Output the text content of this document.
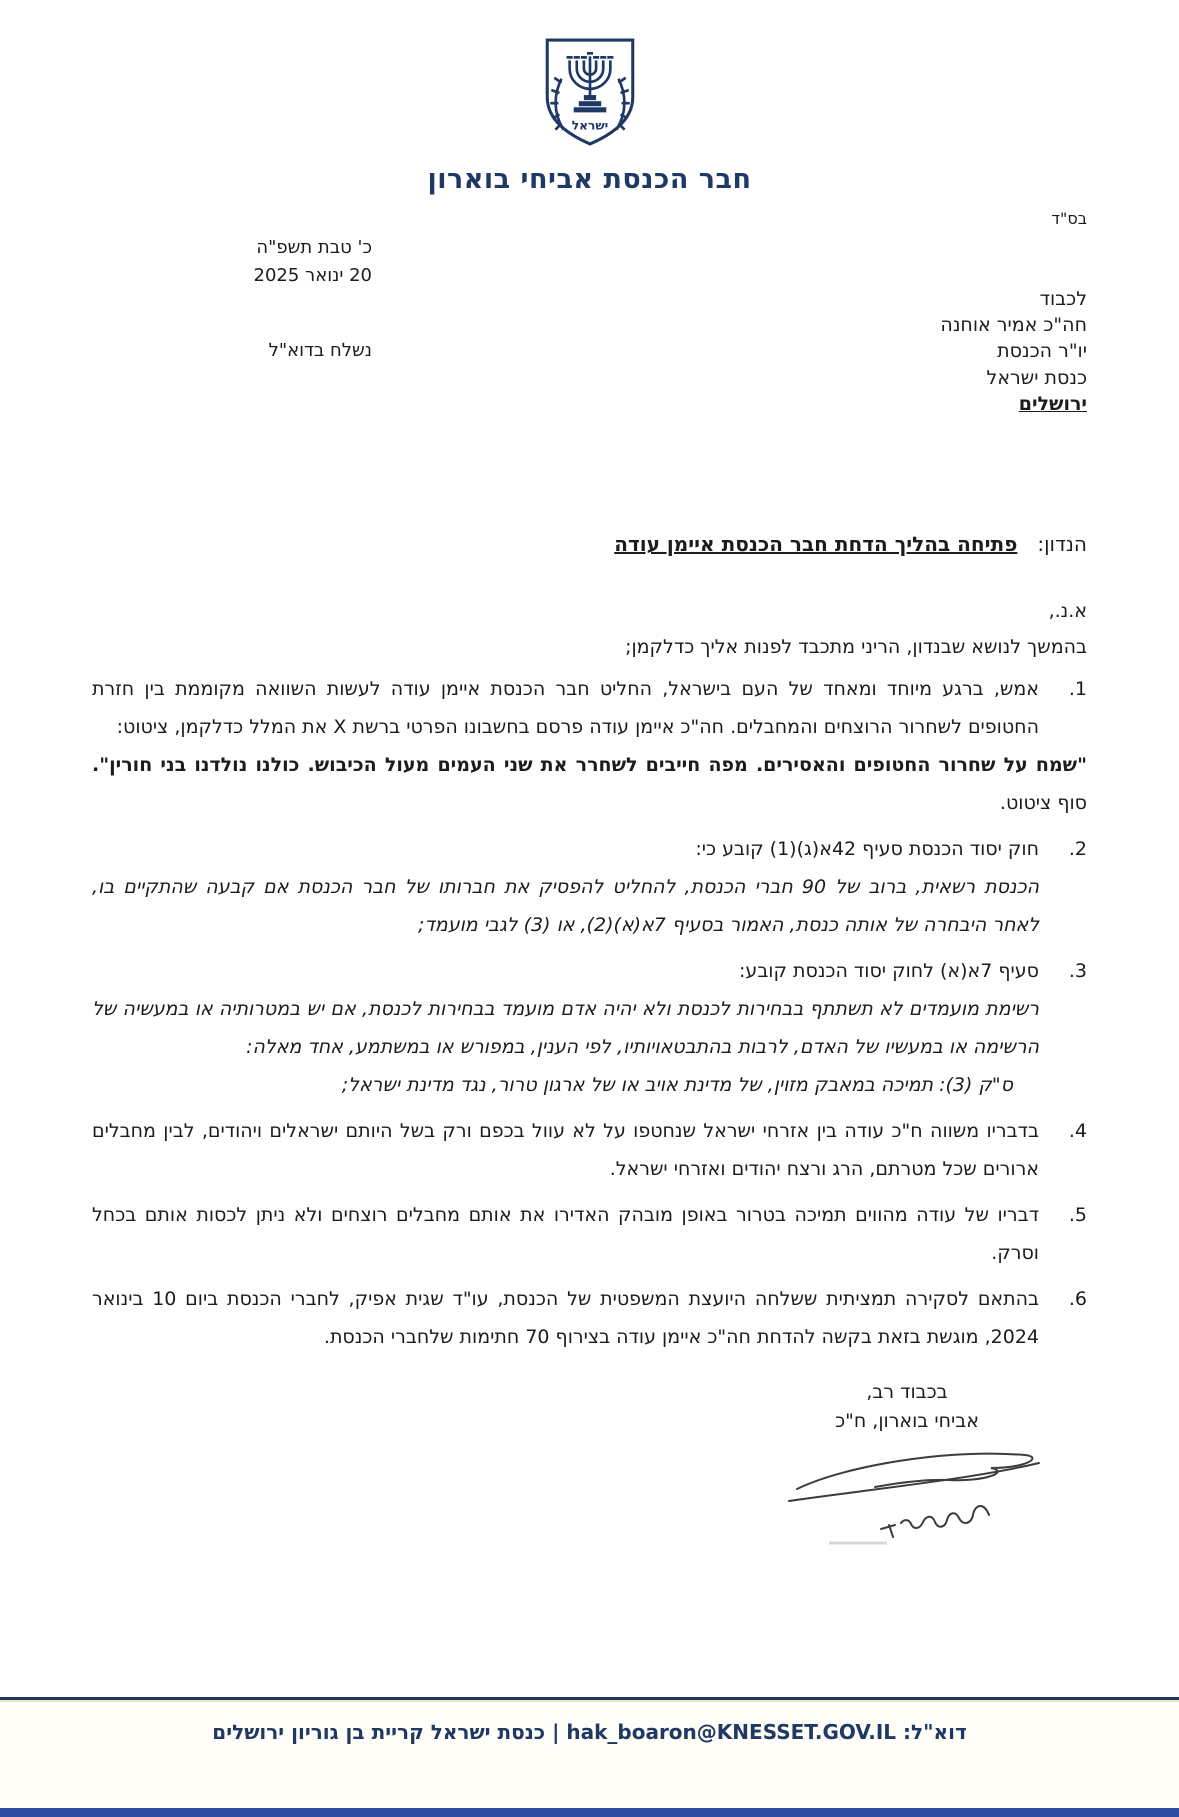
ישראל
חבר הכנסת אביחי בוארון
בס"ד
כ' טבת תשפ"ה
20 ינואר 2025
נשלח בדוא"ל
לכבוד
חה"כ אמיר אוחנה
יו"ר הכנסת
כנסת ישראל
ירושלים
הנדון:
פתיחה בהליך הדחת חבר הכנסת איימן עודה
א.נ.,
בהמשך לנושא שבנדון, הריני מתכבד לפנות אליך כדלקמן;
1.
אמש, ברגע מיוחד ומאחד של העם בישראל, החליט חבר הכנסת איימן עודה לעשות השוואה מקוממת בין חזרת החטופים לשחרור הרוצחים והמחבלים. חה"כ איימן עודה פרסם בחשבונו הפרטי ברשת X את המלל כדלקמן, ציטוט:
"שמח על שחרור החטופים והאסירים. מפה חייבים לשחרר את שני העמים מעול הכיבוש. כולנו נולדנו בני חורין". סוף ציטוט.
2.
חוק יסוד הכנסת סעיף 42א(ג)(1) קובע כי:
הכנסת רשאית, ברוב של 90 חברי הכנסת, להחליט להפסיק את חברותו של חבר הכנסת אם קבעה שהתקיים בו, לאחר היבחרה של אותה כנסת, האמור בסעיף 7א(א)(2), או (3) לגבי מועמד;
3.
סעיף 7א(א) לחוק יסוד הכנסת קובע:
רשימת מועמדים לא תשתתף בבחירות לכנסת ולא יהיה אדם מועמד בבחירות לכנסת, אם יש במטרותיה או במעשיה של הרשימה או במעשיו של האדם, לרבות בהתבטאויותיו, לפי הענין, במפורש או במשתמע, אחד מאלה:
ס"ק (3): תמיכה במאבק מזוין, של מדינת אויב או של ארגון טרור, נגד מדינת ישראל;
4.
בדבריו משווה ח"כ עודה בין אזרחי ישראל שנחטפו על לא עוול בכפם ורק בשל היותם ישראלים ויהודים, לבין מחבלים ארורים שכל מטרתם, הרג ורצח יהודים ואזרחי ישראל.
5.
דבריו של עודה מהווים תמיכה בטרור באופן מובהק האדירו את אותם מחבלים רוצחים ולא ניתן לכסות אותם בכחל וסרק.
6.
בהתאם לסקירה תמציתית ששלחה היועצת המשפטית של הכנסת, עו"ד שגית אפיק, לחברי הכנסת ביום 10 בינואר 2024, מוגשת בזאת בקשה להדחת חה"כ איימן עודה בצירוף 70 חתימות שלחברי הכנסת.
בכבוד רב,
אביחי בוארון, ח"כ
דוא"ל: hak_boaron@KNESSET.GOV.IL | כנסת ישראל קריית בן גוריון ירושלים
